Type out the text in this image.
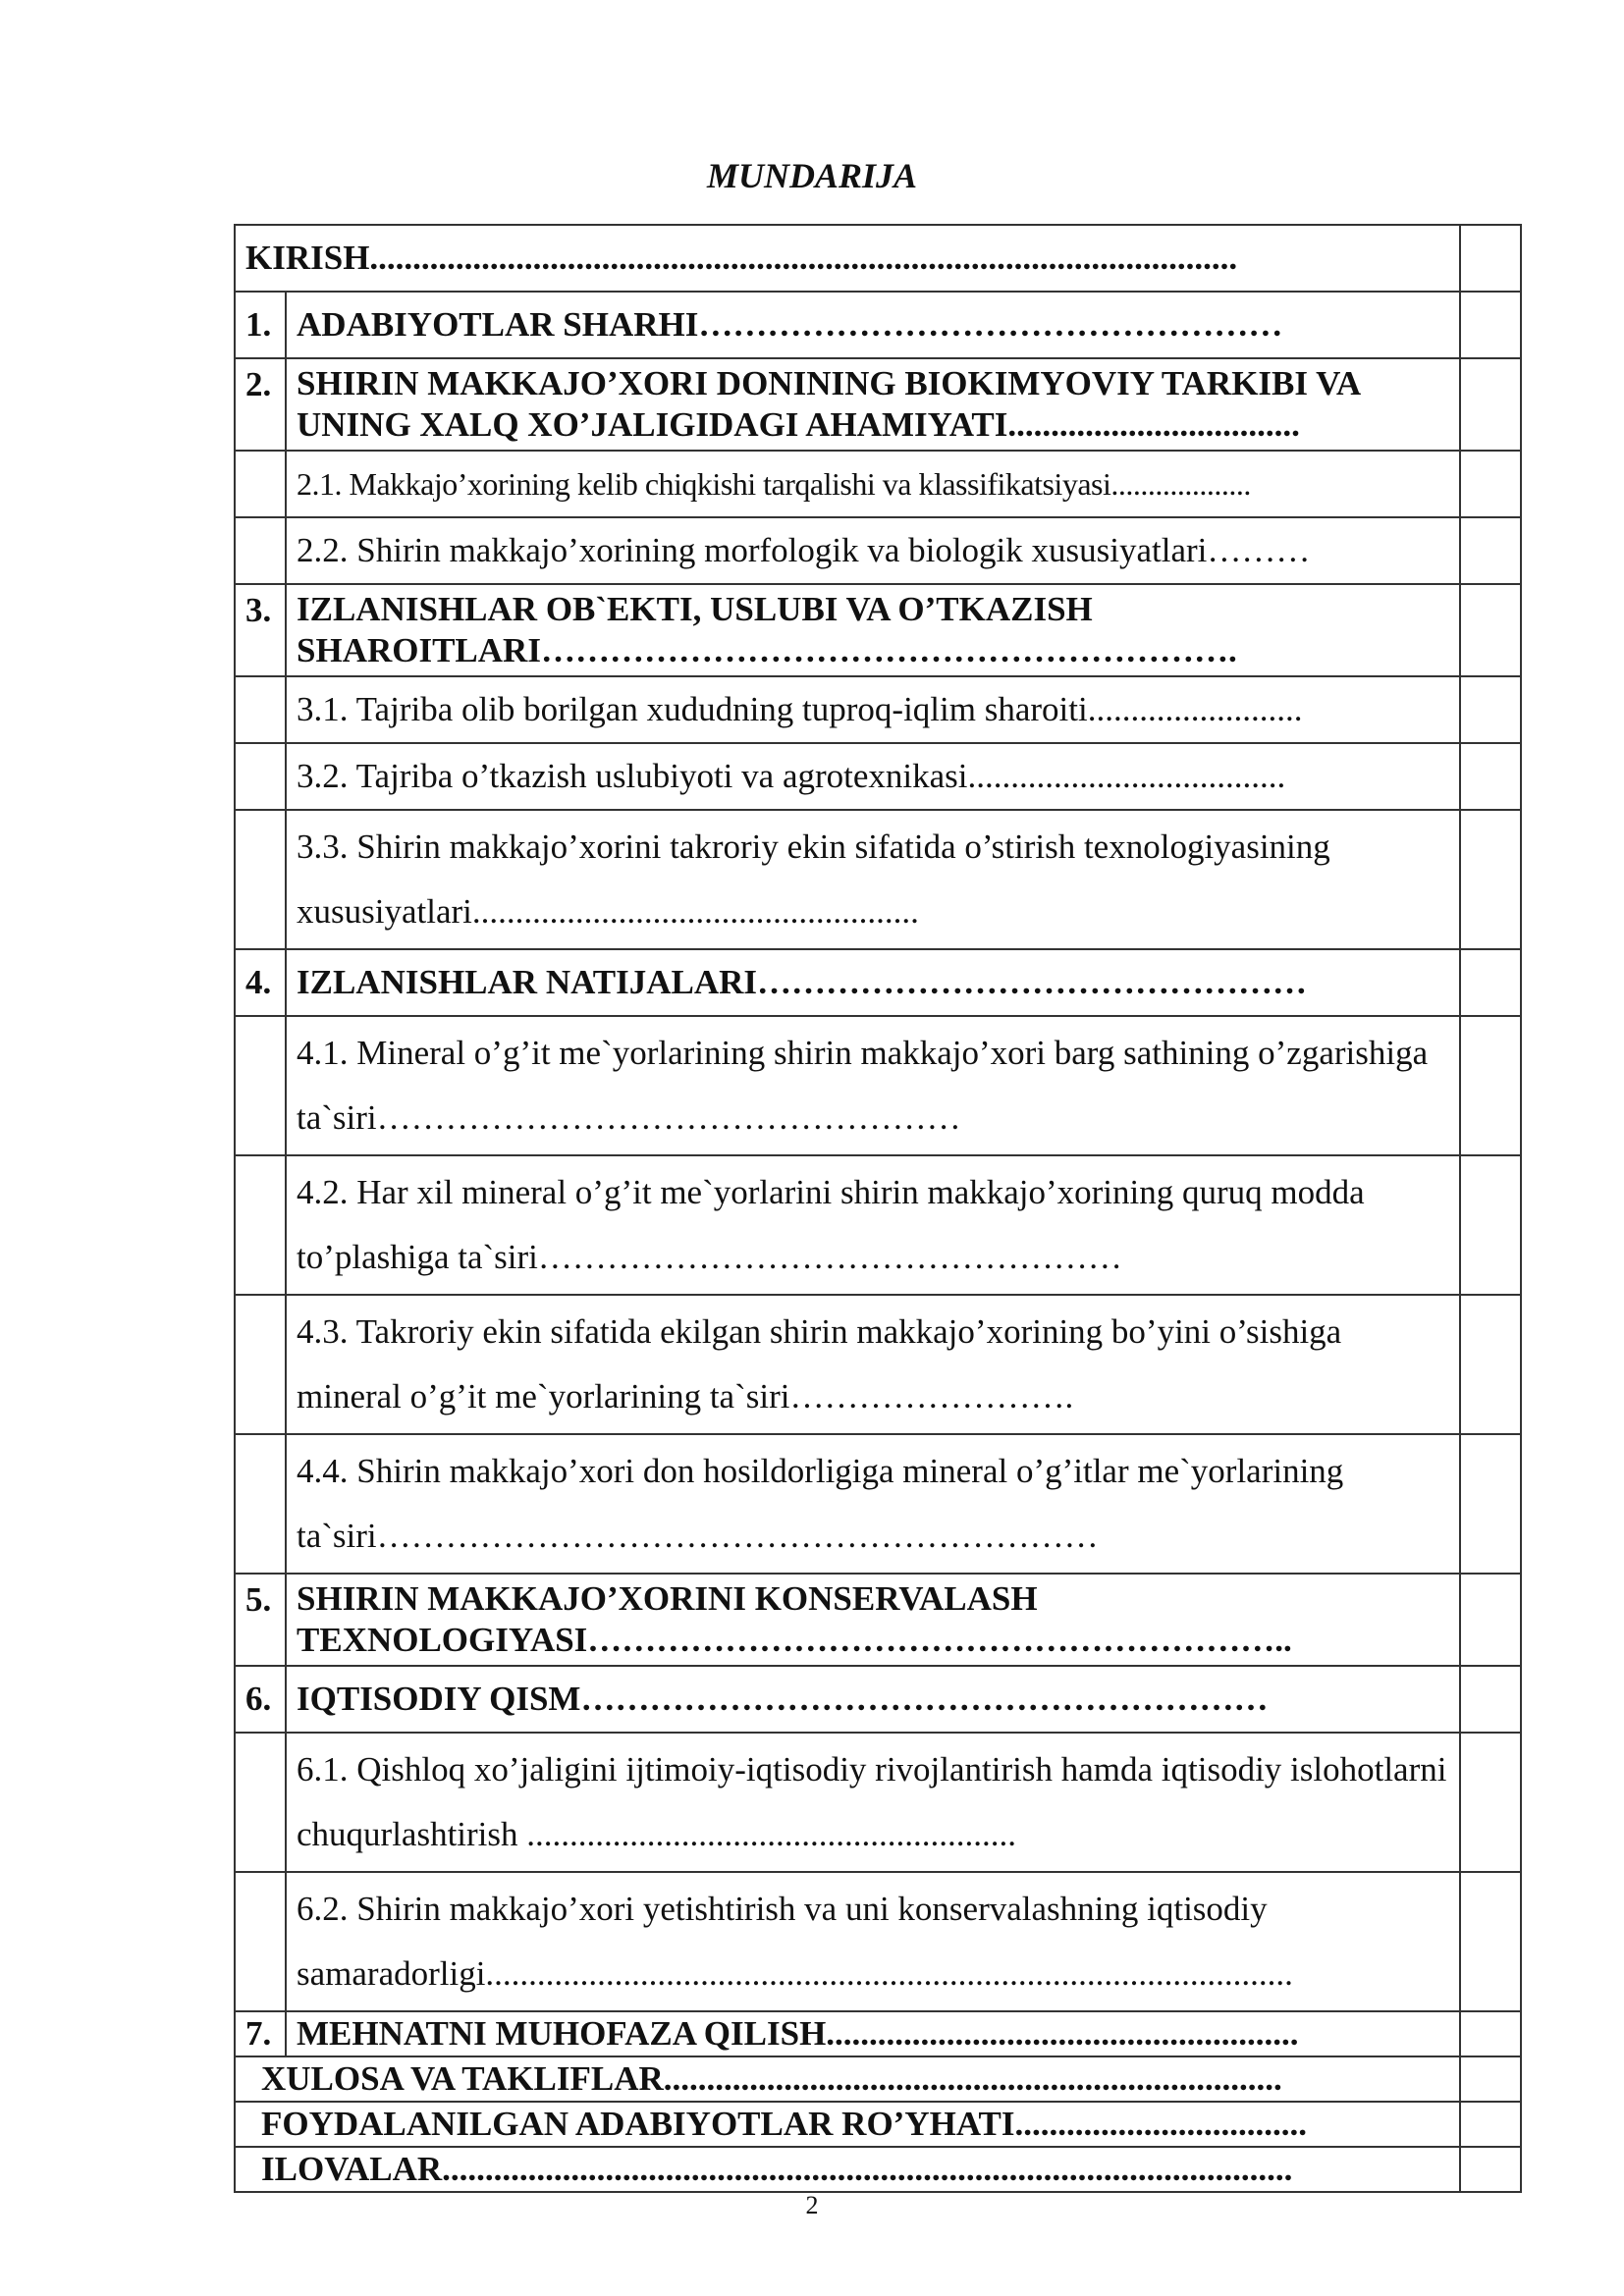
MUNDARIJA
KIRISH.....................................................................................................		
1.	ADABIYOTLAR SHARHI……………………………………………	
2.	SHIRIN MAKKAJO’XORI DONINING BIOKIMYOVIY TARKIBI VA UNING XALQ XO’JALIGIDAGI AHAMIYATI..................................	
	2.1. Makkajo’xorining kelib chiqkishi tarqalishi va klassifikatsiyasi...................	
	2.2. Shirin makkajo’xorining morfologik va biologik xususiyatlari………	
3.	IZLANISHLAR OB`EKTI, USLUBI VA O’TKAZISH SHAROITLARI…………………………………………………….	
	3.1. Tajriba olib borilgan xududning tuproq-iqlim sharoiti.........................	
	3.2. Tajriba o’tkazish uslubiyoti va agrotexnikasi.....................................	
	3.3. Shirin makkajo’xorini takroriy ekin sifatida o’stirish texnologiyasining xususiyatlari....................................................	
4.	IZLANISHLAR NATIJALARI…………………………………………	
	4.1. Mineral o’g’it me`yorlarining shirin makkajo’xori barg sathining o’zgarishiga ta`siri……………………………………………	
	4.2. Har xil mineral o’g’it me`yorlarini shirin makkajo’xorining quruq modda to’plashiga ta`siri……………………………………………	
	4.3. Takroriy ekin sifatida ekilgan shirin makkajo’xorining bo’yini o’sishiga mineral o’g’it me`yorlarining ta`siri…………………….	
	4.4. Shirin makkajo’xori don hosildorligiga mineral o’g’itlar me`yorlarining ta`siri………………………………………………………	
5.	SHIRIN MAKKAJO’XORINI KONSERVALASH TEXNOLOGIYASI……………………………………………………..	
6.	IQTISODIY QISM……………………………………………………	
	6.1. Qishloq xo’jaligini ijtimoiy-iqtisodiy rivojlantirish hamda iqtisodiy islohotlarni chuqurlashtirish .........................................................	
	6.2. Shirin makkajo’xori yetishtirish va uni konservalashning iqtisodiy samaradorligi..............................................................................................	
7.	MEHNATNI MUHOFAZA QILISH.......................................................	
XULOSA VA TAKLIFLAR........................................................................		
FOYDALANILGAN ADABIYOTLAR RO’YHATI..................................		
ILOVALAR...................................................................................................		
2
